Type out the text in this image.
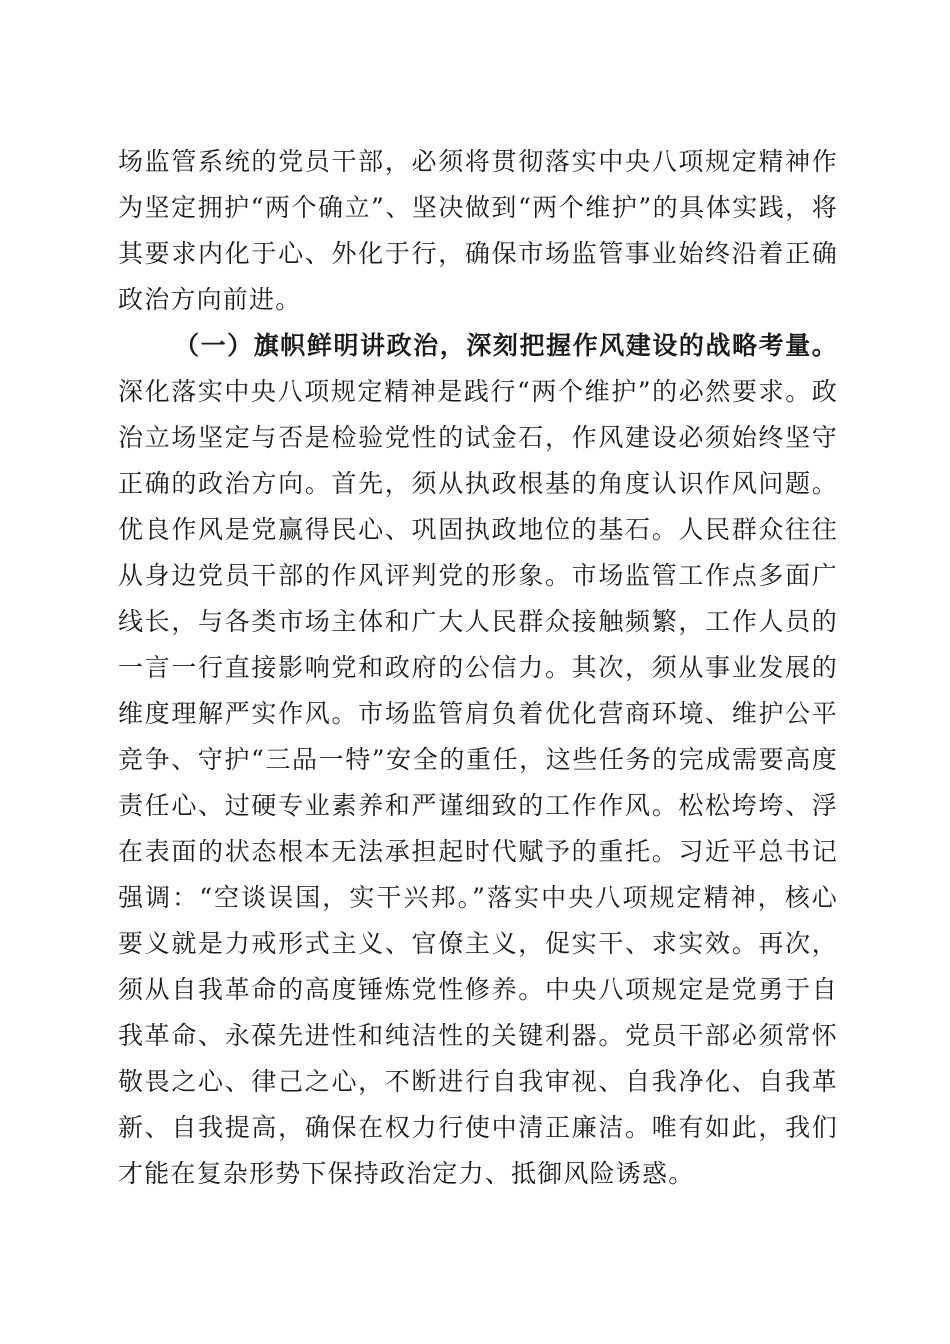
场监管系统的党员干部，必须将贯彻落实中央八项规定精神作为坚定拥护“两个确立”、坚决做到“两个维护”的具体实践，将其要求内化于心、外化于行，确保市场监管事业始终沿着正确政治方向前进。

（一）旗帜鲜明讲政治，深刻把握作风建设的战略考量。深化落实中央八项规定精神是践行“两个维护”的必然要求。政治立场坚定与否是检验党性的试金石，作风建设必须始终坚守正确的政治方向。首先，须从执政根基的角度认识作风问题。优良作风是党赢得民心、巩固执政地位的基石。人民群众往往从身边党员干部的作风评判党的形象。市场监管工作点多面广线长，与各类市场主体和广大人民群众接触频繁，工作人员的一言一行直接影响党和政府的公信力。其次，须从事业发展的维度理解严实作风。市场监管肩负着优化营商环境、维护公平竞争、守护“三品一特”安全的重任，这些任务的完成需要高度责任心、过硬专业素养和严谨细致的工作作风。松松垮垮、浮在表面的状态根本无法承担起时代赋予的重托。习近平总书记强调：“空谈误国，实干兴邦。”落实中央八项规定精神，核心要义就是力戒形式主义、官僚主义，促实干、求实效。再次，须从自我革命的高度锤炼党性修养。中央八项规定是党勇于自我革命、永葆先进性和纯洁性的关键利器。党员干部必须常怀敬畏之心、律己之心，不断进行自我审视、自我净化、自我革新、自我提高，确保在权力行使中清正廉洁。唯有如此，我们才能在复杂形势下保持政治定力、抵御风险诱惑。
